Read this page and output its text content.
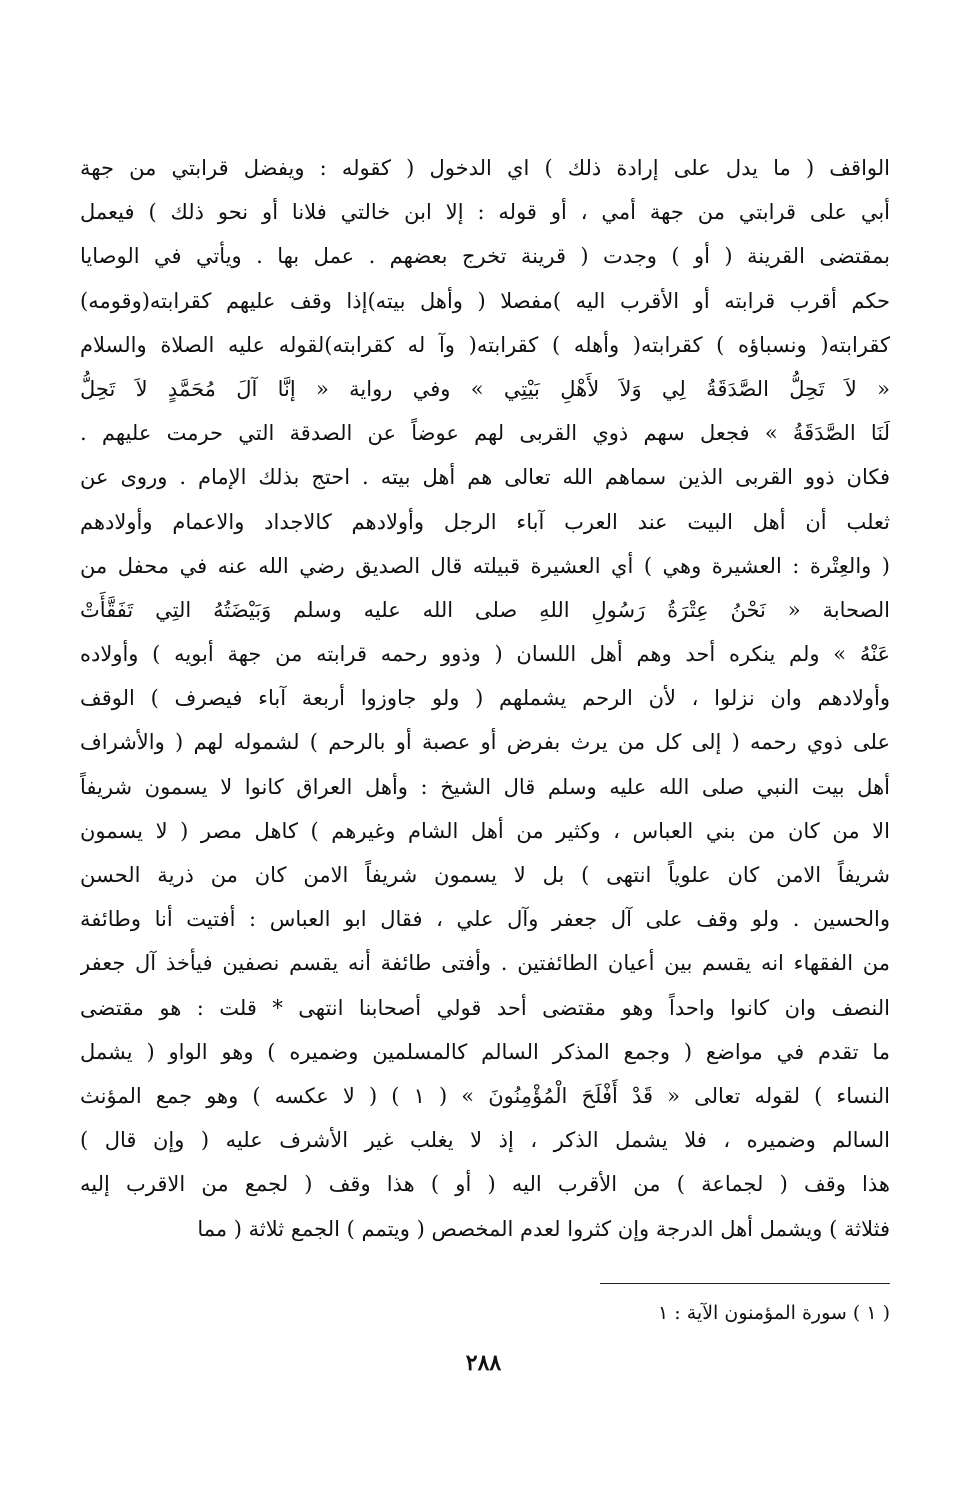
الواقف ( ما يدل على إرادة ذلك ) اي الدخول ( كقوله : ويفضل قرابتي من جهة
أبي على قرابتي من جهة أمي ، أو قوله : إلا ابن خالتي فلانا أو نحو ذلك ) فيعمل
بمقتضى القرينة ( أو ) وجدت ( قرينة تخرج بعضهم . عمل بها . ويأتي في الوصايا
حكم أقرب قرابته أو الأقرب اليه )مفصلا ( وأهل بيته)إذا وقف عليهم كقرابته(وقومه)
كقرابته( ونسباؤه ) كقرابته( وأهله ) كقرابته( وآ له كقرابته)لقوله عليه الصلاة والسلام
« لاَ تَحِلُّ الصَّدَقَةُ لِي وَلاَ لأَهْلِ بَيْتِي » وفي رواية « إنَّا آلَ مُحَمَّدٍ لاَ تَحِلُّ
لَنَا الصَّدَقَةُ » فجعل سهم ذوي القربى لهم عوضاً عن الصدقة التي حرمت عليهم .
فكان ذوو القربى الذين سماهم الله تعالى هم أهل بيته . احتج بذلك الإمام . وروى عن
ثعلب أن أهل البيت عند العرب آباء الرجل وأولادهم كالاجداد والاعمام وأولادهم
( والعِتْرة : العشيرة وهي ) أي العشيرة قبيلته قال الصديق رضي الله عنه في محفل من
الصحابة « نَحْنُ عِتْرَةُ رَسُولِ اللهِ صلى الله عليه وسلم وَبَيْضَتُهُ التِي تَفَقَّأَتْ
عَنْهُ » ولم ينكره أحد وهم أهل اللسان ( وذوو رحمه قرابته من جهة أبويه ) وأولاده
وأولادهم وان نزلوا ، لأن الرحم يشملهم ( ولو جاوزوا أربعة آباء فيصرف ) الوقف
على ذوي رحمه ( إلى كل من يرث بفرض أو عصبة أو بالرحم ) لشموله لهم ( والأشراف
أهل بيت النبي صلى الله عليه وسلم قال الشيخ : وأهل العراق كانوا لا يسمون شريفاً
الا من كان من بني العباس ، وكثير من أهل الشام وغيرهم ) كاهل مصر ( لا يسمون
شريفاً الامن كان علوياً انتهى ) بل لا يسمون شريفاً الامن كان من ذرية الحسن
والحسين . ولو وقف على آل جعفر وآل علي ، فقال ابو العباس : أفتيت أنا وطائفة
من الفقهاء انه يقسم بين أعيان الطائفتين . وأفتى طائفة أنه يقسم نصفين فيأخذ آل جعفر
النصف وان كانوا واحداً وهو مقتضى أحد قولي أصحابنا انتهى * قلت : هو مقتضى
ما تقدم في مواضع ( وجمع المذكر السالم كالمسلمين وضميره ) وهو الواو ( يشمل
النساء ) لقوله تعالى « قَدْ أَفْلَحَ الْمُؤْمِنُونَ » ( ١ ) ( لا عكسه ) وهو جمع المؤنث
السالم وضميره ، فلا يشمل الذكر ، إذ لا يغلب غير الأشرف عليه ( وإن قال )
هذا وقف ( لجماعة ) من الأقرب اليه ( أو ) هذا وقف ( لجمع من الاقرب إليه
فثلاثة ) ويشمل أهل الدرجة وإن كثروا لعدم المخصص ( ويتمم ) الجمع ثلاثة ( مما
( ١ ) سورة المؤمنون الآية : ١
٢٨٨
